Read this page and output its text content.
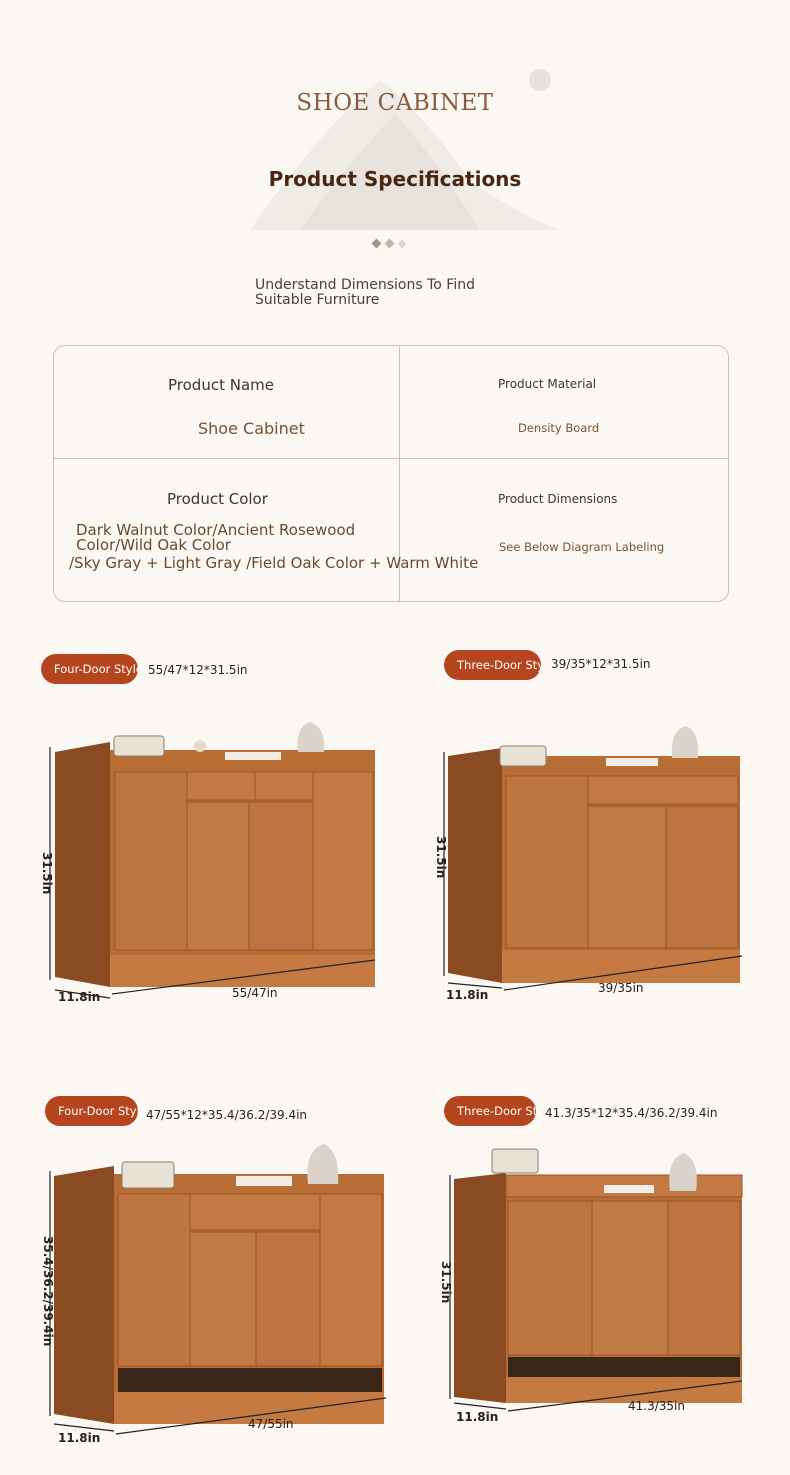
SHOE CABINET
Product Specifications
Understand Dimensions To Find
Suitable Furniture
Product Name
Shoe Cabinet
Product Material
Density Board
Product Color
Dark Walnut Color/Ancient Rosewood
Color/Wild Oak Color
/Sky Gray + Light Gray /Field Oak Color + Warm White
Product Dimensions
See Below Diagram Labeling
Four-Door Style 55/47*12*31.5in
31.5in
11.8in	55/47in
Three-Door Style
39/35*12*31.5in
31.5in
11.8in	39/35in
Four-Door Style 47/55*12*35.4/36.2/39.4in
35.4/36.2/39.4in
11.8in
47/55in
Three-Door Style
41.3/35*12*35.4/36.2/39.4in
31.5in
11.8in
41.3/35in
